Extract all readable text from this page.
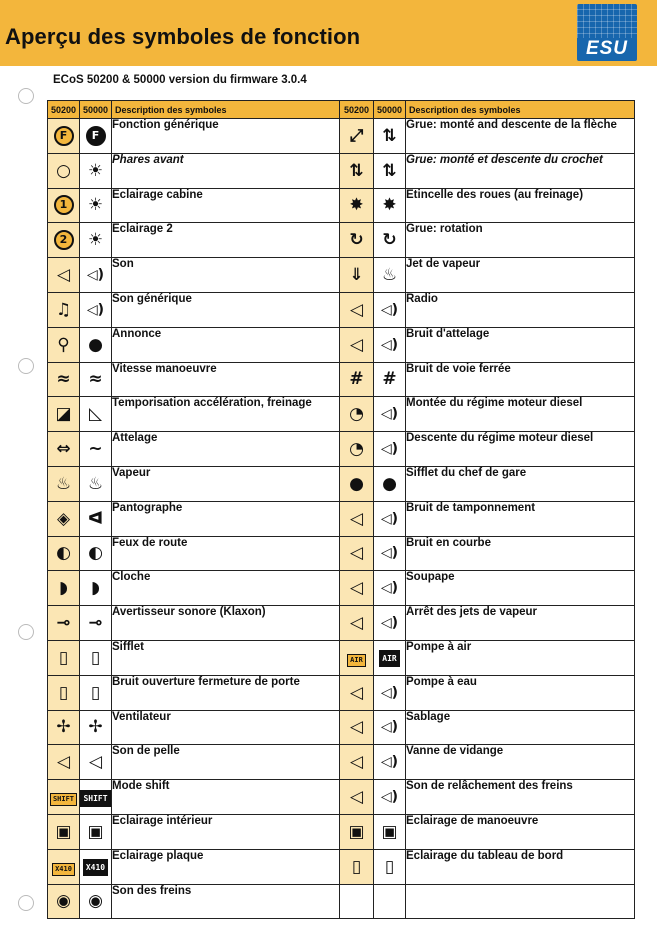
Aperçu des symboles de fonction	ESU
ECoS 50200 & 50000 version du firmware 3.0.4
50200	50000	Description des symboles	50200	50000	Description des symboles
F	F	Fonction générique	⤢	⇅	Grue: monté and descente de la flèche
○	☀	Phares avant	⇅	⇅	Grue: monté et descente du crochet
1	☀	Eclairage cabine	✸	✸	Etincelle des roues (au freinage)
2	☀	Eclairage 2	↻	↻	Grue: rotation
◁	◁)	Son	⇓	♨	Jet de vapeur
♫	◁)	Son générique	◁	◁)	Radio
⚲	●	Annonce	◁	◁)	Bruit d'attelage
≈	≈	Vitesse manoeuvre	#	#	Bruit de voie ferrée
◪	◺	Temporisation accélération, freinage	◔	◁)	Montée du régime moteur diesel
⇔	~	Attelage	◔	◁)	Descente du régime moteur diesel
♨	♨	Vapeur	●	●	Sifflet du chef de gare
◈	ᐊ	Pantographe	◁	◁)	Bruit de tamponnement
◐	◐	Feux de route	◁	◁)	Bruit en courbe
◗	◗	Cloche	◁	◁)	Soupape
⊸	⊸	Avertisseur sonore (Klaxon)	◁	◁)	Arrêt des jets de vapeur
▯	▯	Sifflet	AIR	AIR	Pompe à air
▯	▯	Bruit ouverture fermeture de porte	◁	◁)	Pompe à eau
✢	✢	Ventilateur	◁	◁)	Sablage
◁	◁	Son de pelle	◁	◁)	Vanne de vidange
SHIFT	SHIFT	Mode shift	◁	◁)	Son de relâchement des freins
▣	▣	Eclairage intérieur	▣	▣	Eclairage de manoeuvre
X410	X410	Eclairage plaque	▯	▯	Eclairage du tableau de bord
◉	◉	Son des freins			
